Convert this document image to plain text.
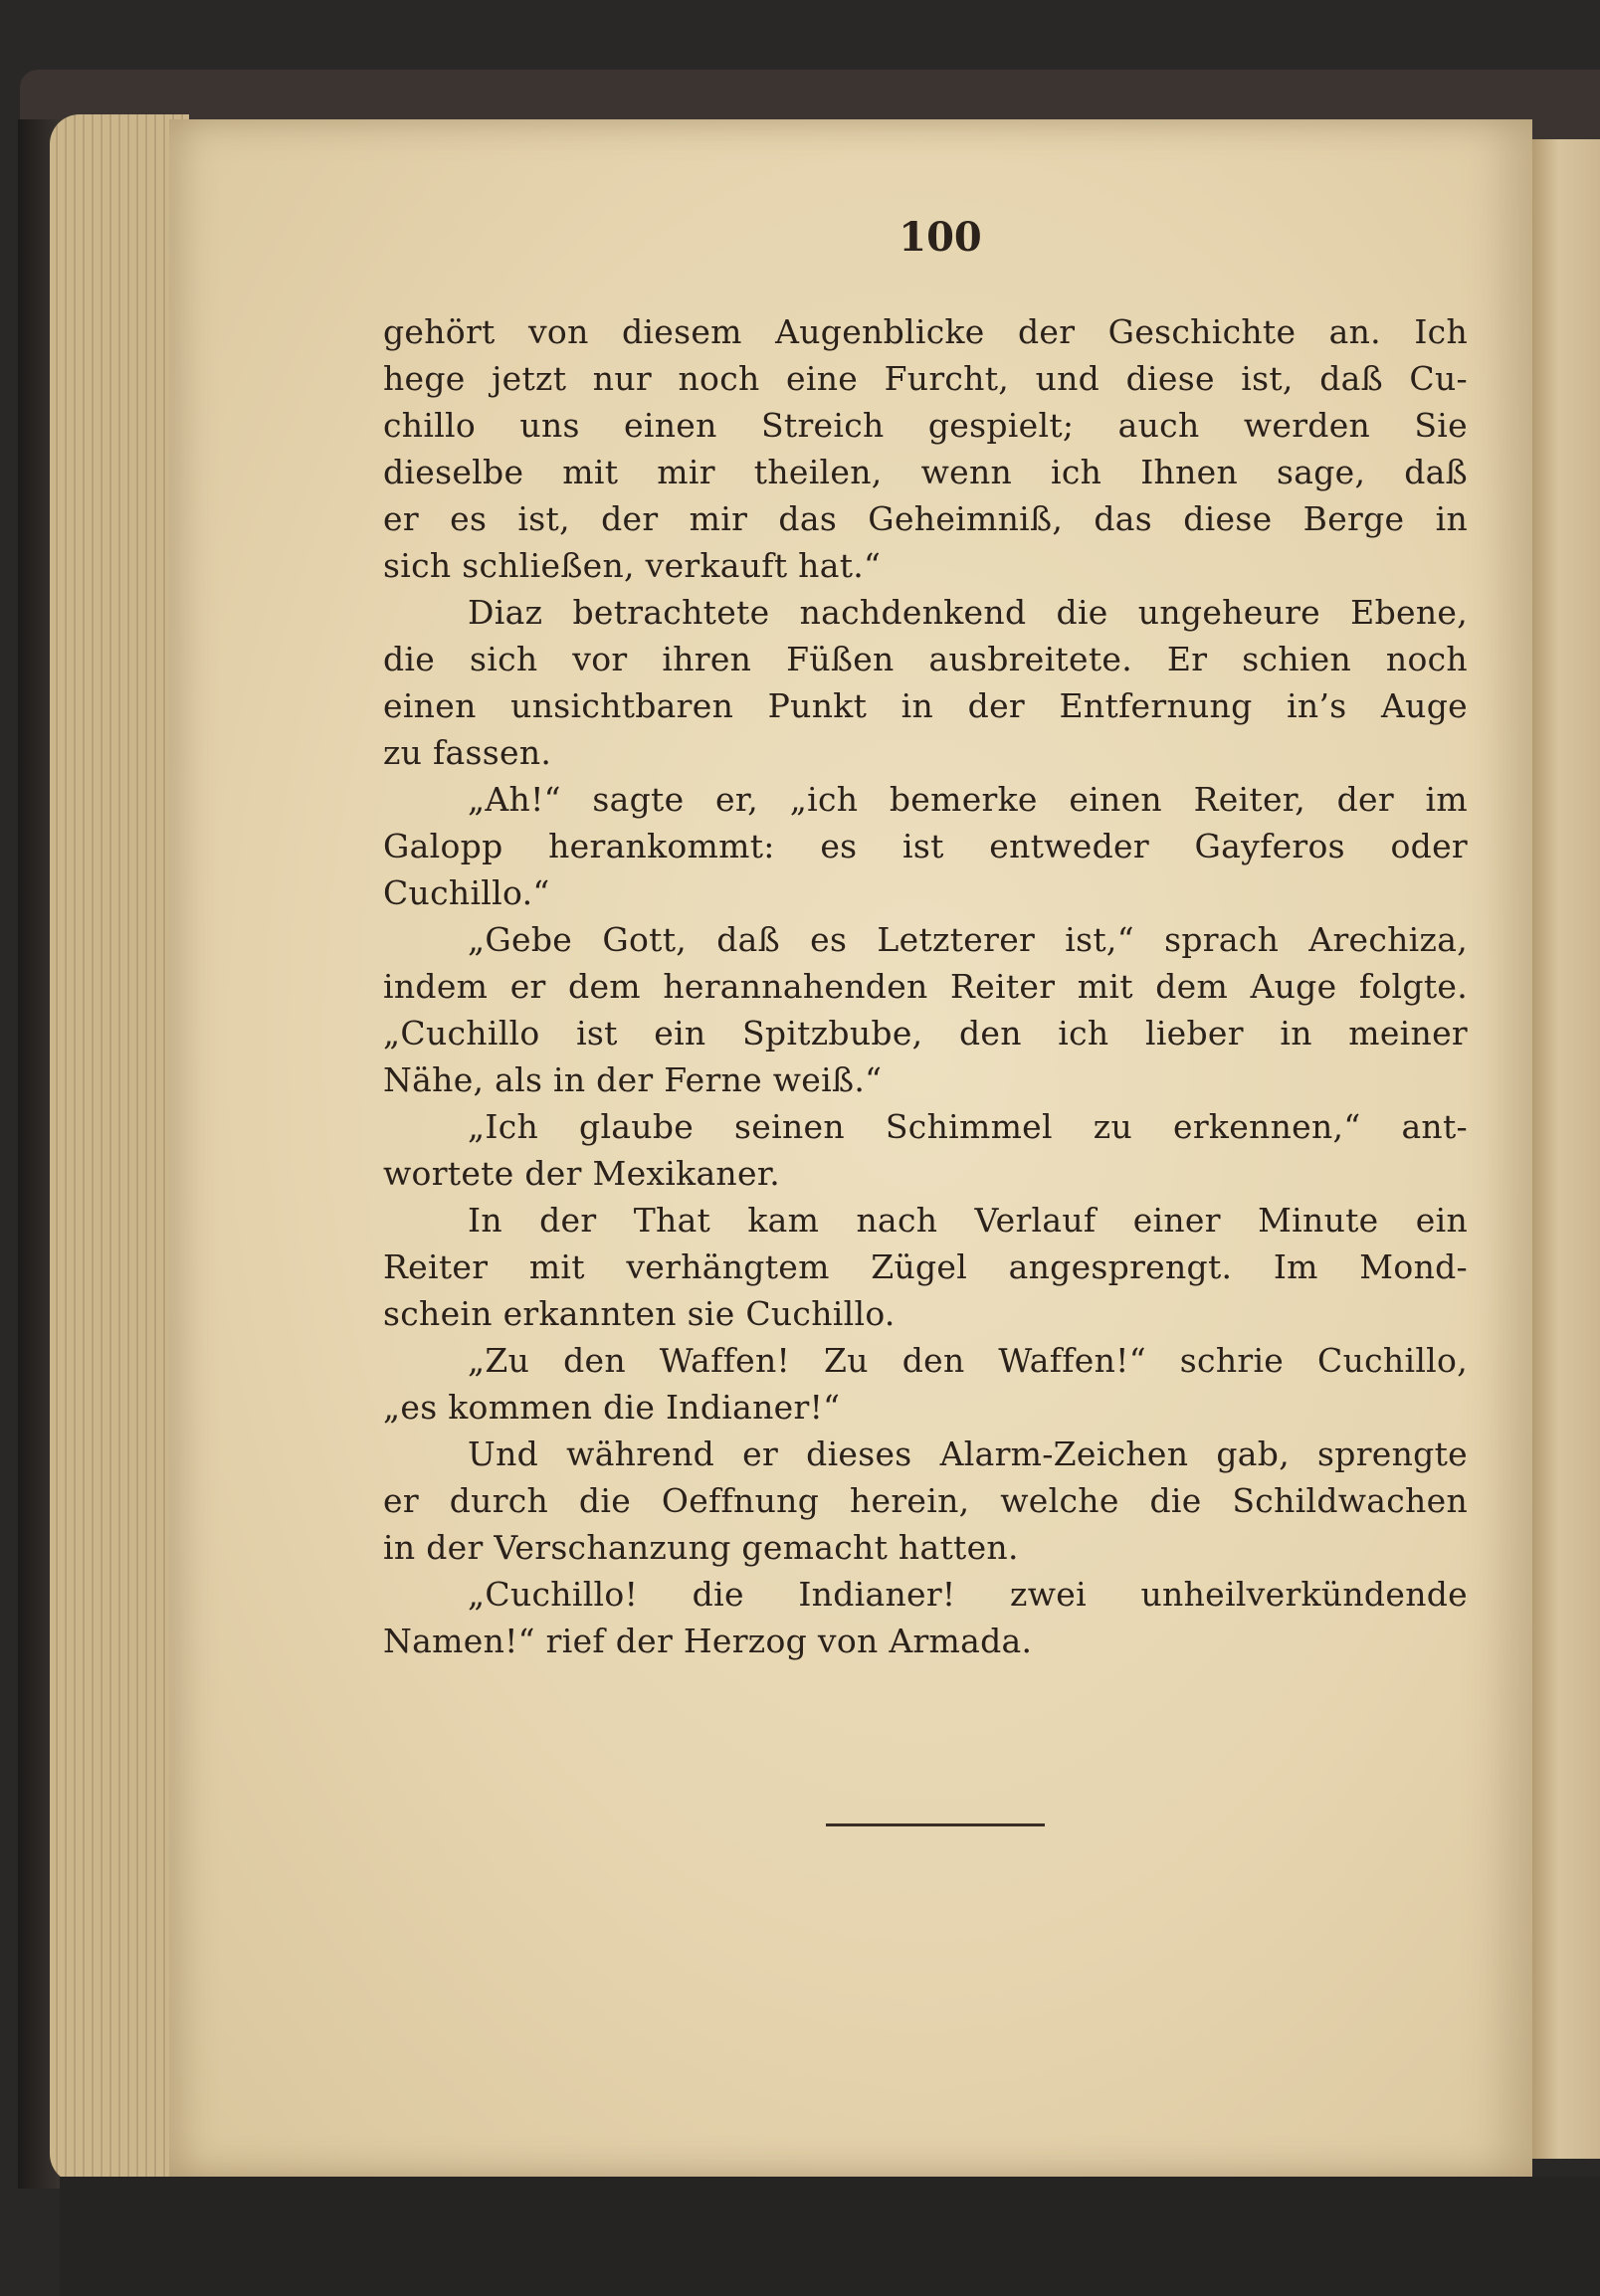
100
gehört von diesem Augenblicke der Geschichte an. Ich
hege jetzt nur noch eine Furcht, und diese ist, daß Cu-
chillo uns einen Streich gespielt; auch werden Sie
dieselbe mit mir theilen, wenn ich Ihnen sage, daß
er es ist, der mir das Geheimniß, das diese Berge in
sich schließen, verkauft hat.“
Diaz betrachtete nachdenkend die ungeheure Ebene,
die sich vor ihren Füßen ausbreitete. Er schien noch
einen unsichtbaren Punkt in der Entfernung in’s Auge
zu fassen.
„Ah!“ sagte er, „ich bemerke einen Reiter, der im
Galopp herankommt: es ist entweder Gayferos oder
Cuchillo.“
„Gebe Gott, daß es Letzterer ist,“ sprach Arechiza,
indem er dem herannahenden Reiter mit dem Auge folgte.
„Cuchillo ist ein Spitzbube, den ich lieber in meiner
Nähe, als in der Ferne weiß.“
„Ich glaube seinen Schimmel zu erkennen,“ ant-
wortete der Mexikaner.
In der That kam nach Verlauf einer Minute ein
Reiter mit verhängtem Zügel angesprengt. Im Mond-
schein erkannten sie Cuchillo.
„Zu den Waffen! Zu den Waffen!“ schrie Cuchillo,
„es kommen die Indianer!“
Und während er dieses Alarm-Zeichen gab, sprengte
er durch die Oeffnung herein, welche die Schildwachen
in der Verschanzung gemacht hatten.
„Cuchillo! die Indianer! zwei unheilverkündende
Namen!“ rief der Herzog von Armada.
